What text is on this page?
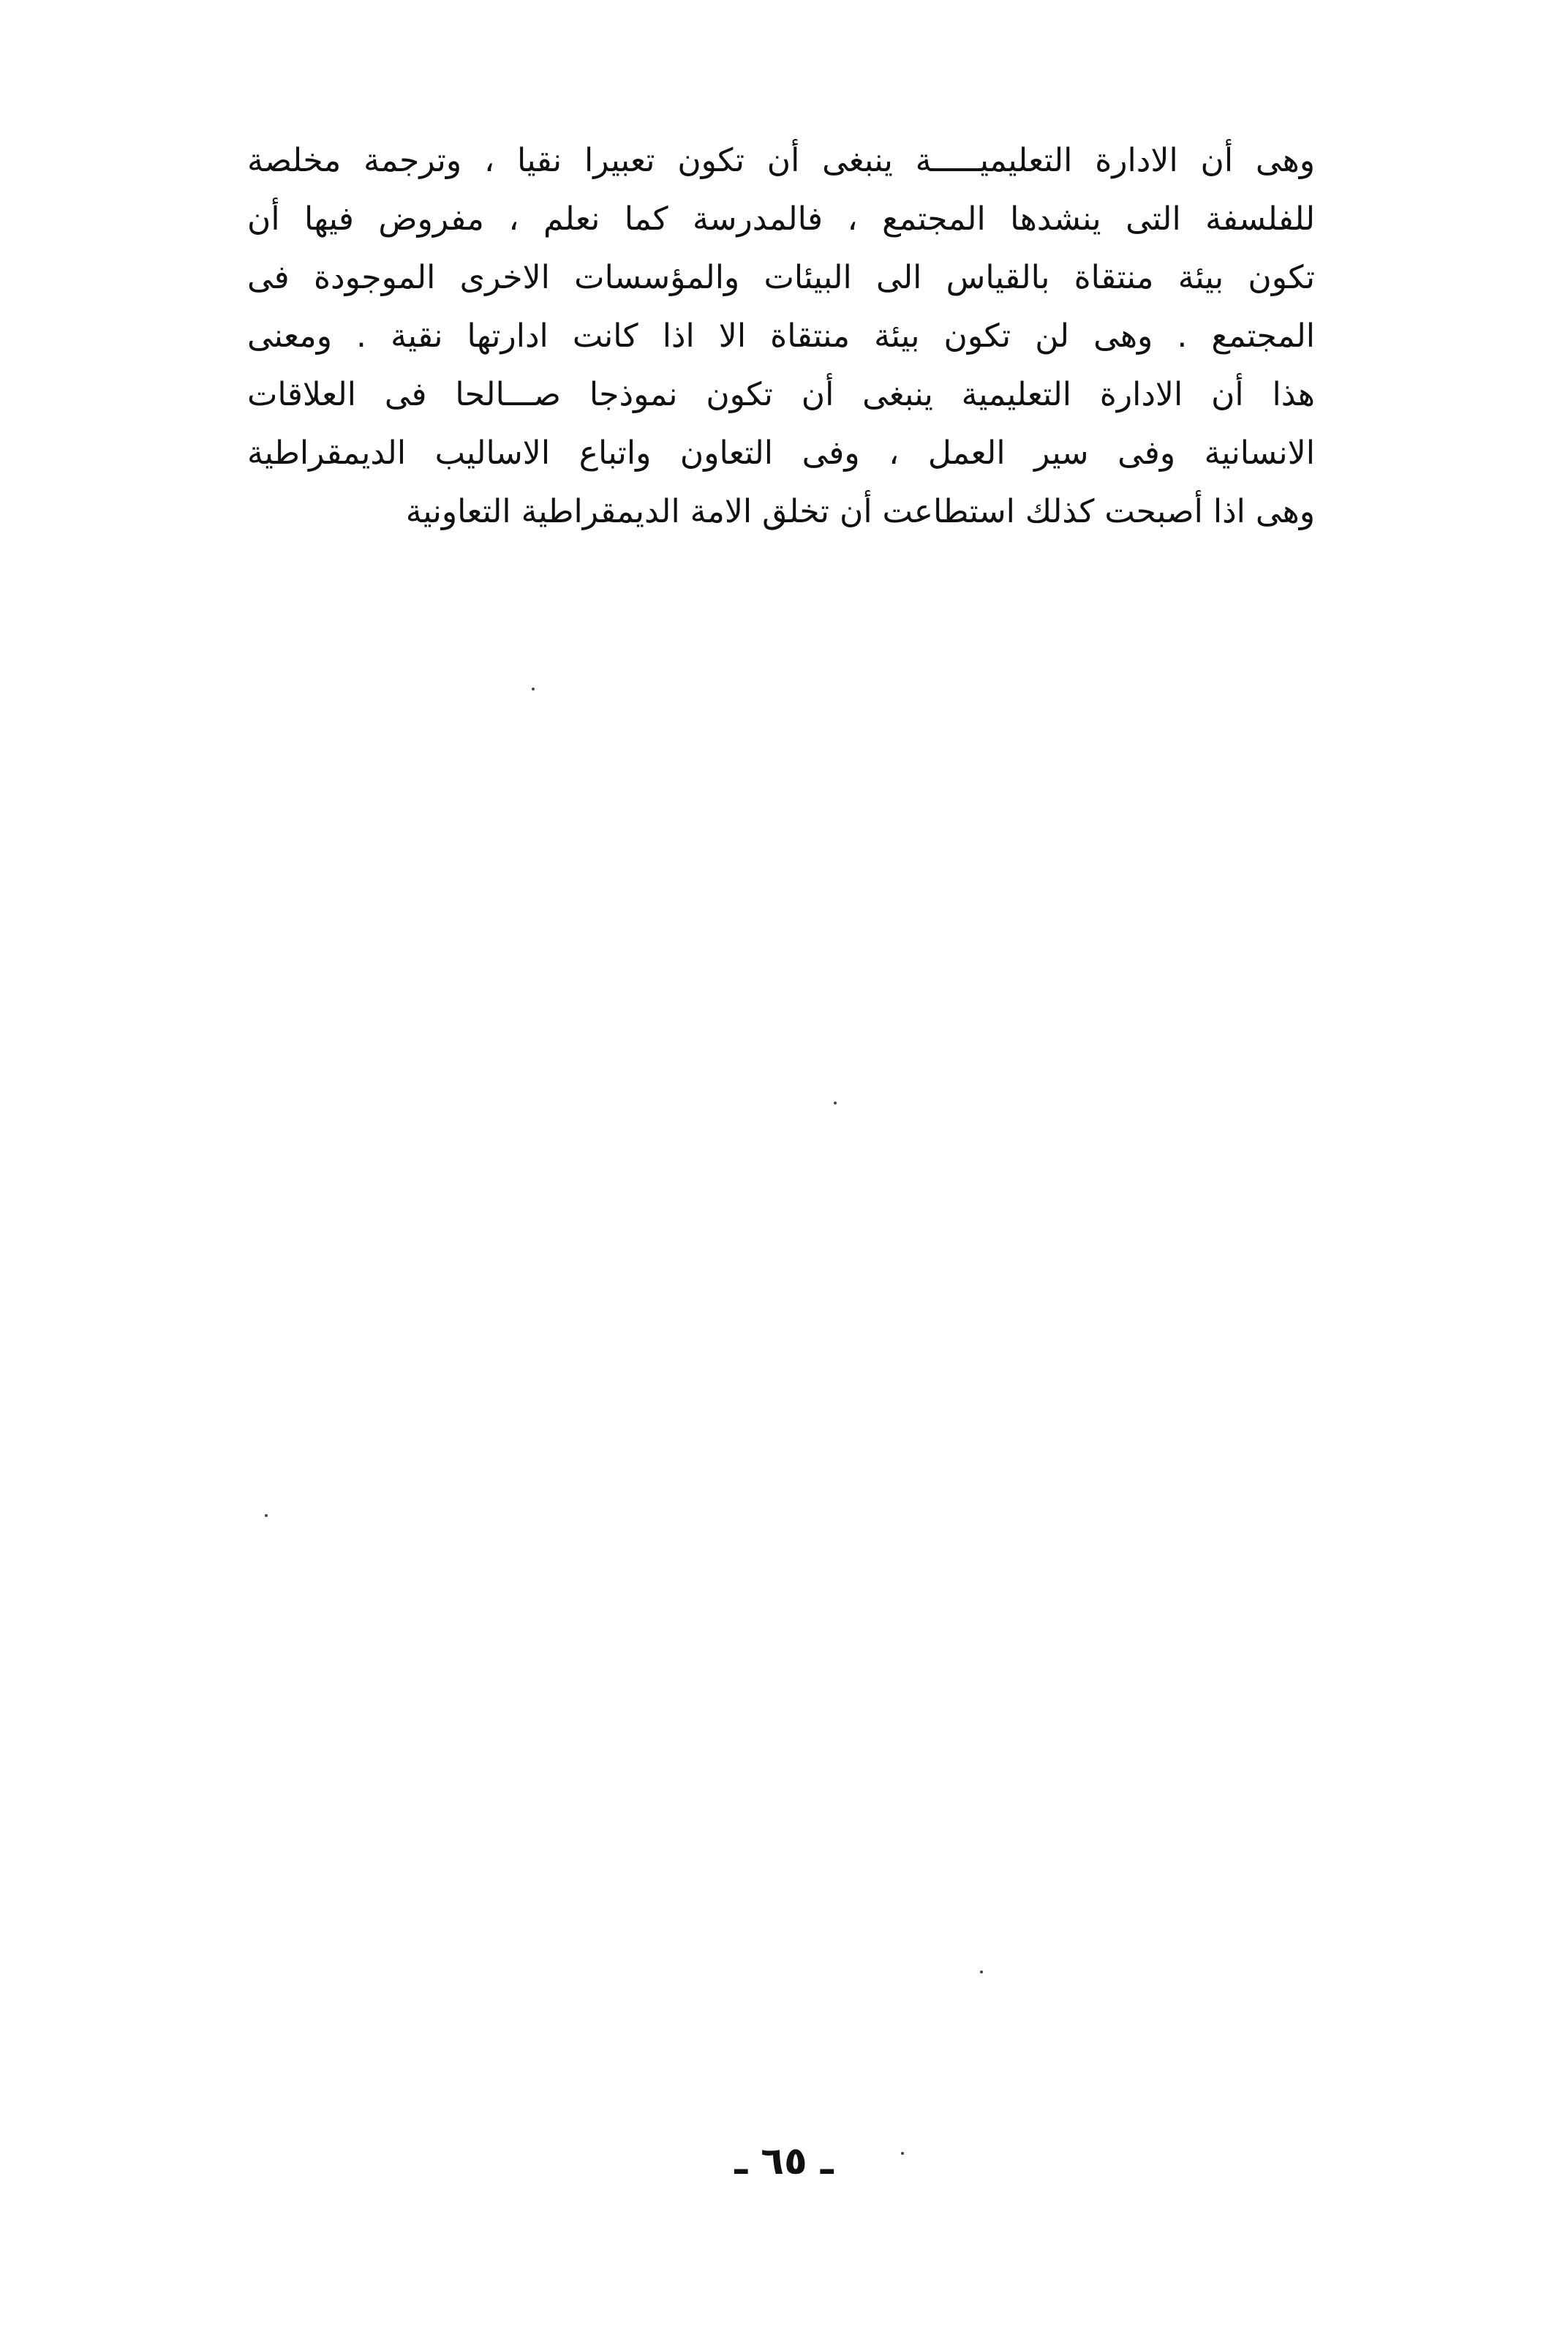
وهى أن الادارة التعليميـــــة ينبغى أن تكون تعبيرا نقيا ، وترجمة مخلصة
للفلسفة التى ينشدها المجتمع ، فالمدرسة كما نعلم ، مفروض فيها أن
تكون بيئة منتقاة بالقياس الى البيئات والمؤسسات الاخرى الموجودة فى
المجتمع . وهى لن تكون بيئة منتقاة الا اذا كانت ادارتها نقية . ومعنى
هذا أن الادارة التعليمية ينبغى أن تكون نموذجا صـــالحا فى العلاقات
الانسانية وفى سير العمل ، وفى التعاون واتباع الاساليب الديمقراطية
وهى اذا أصبحت كذلك استطاعت أن تخلق الامة الديمقراطية التعاونية
ـ ٦٥ ـ
